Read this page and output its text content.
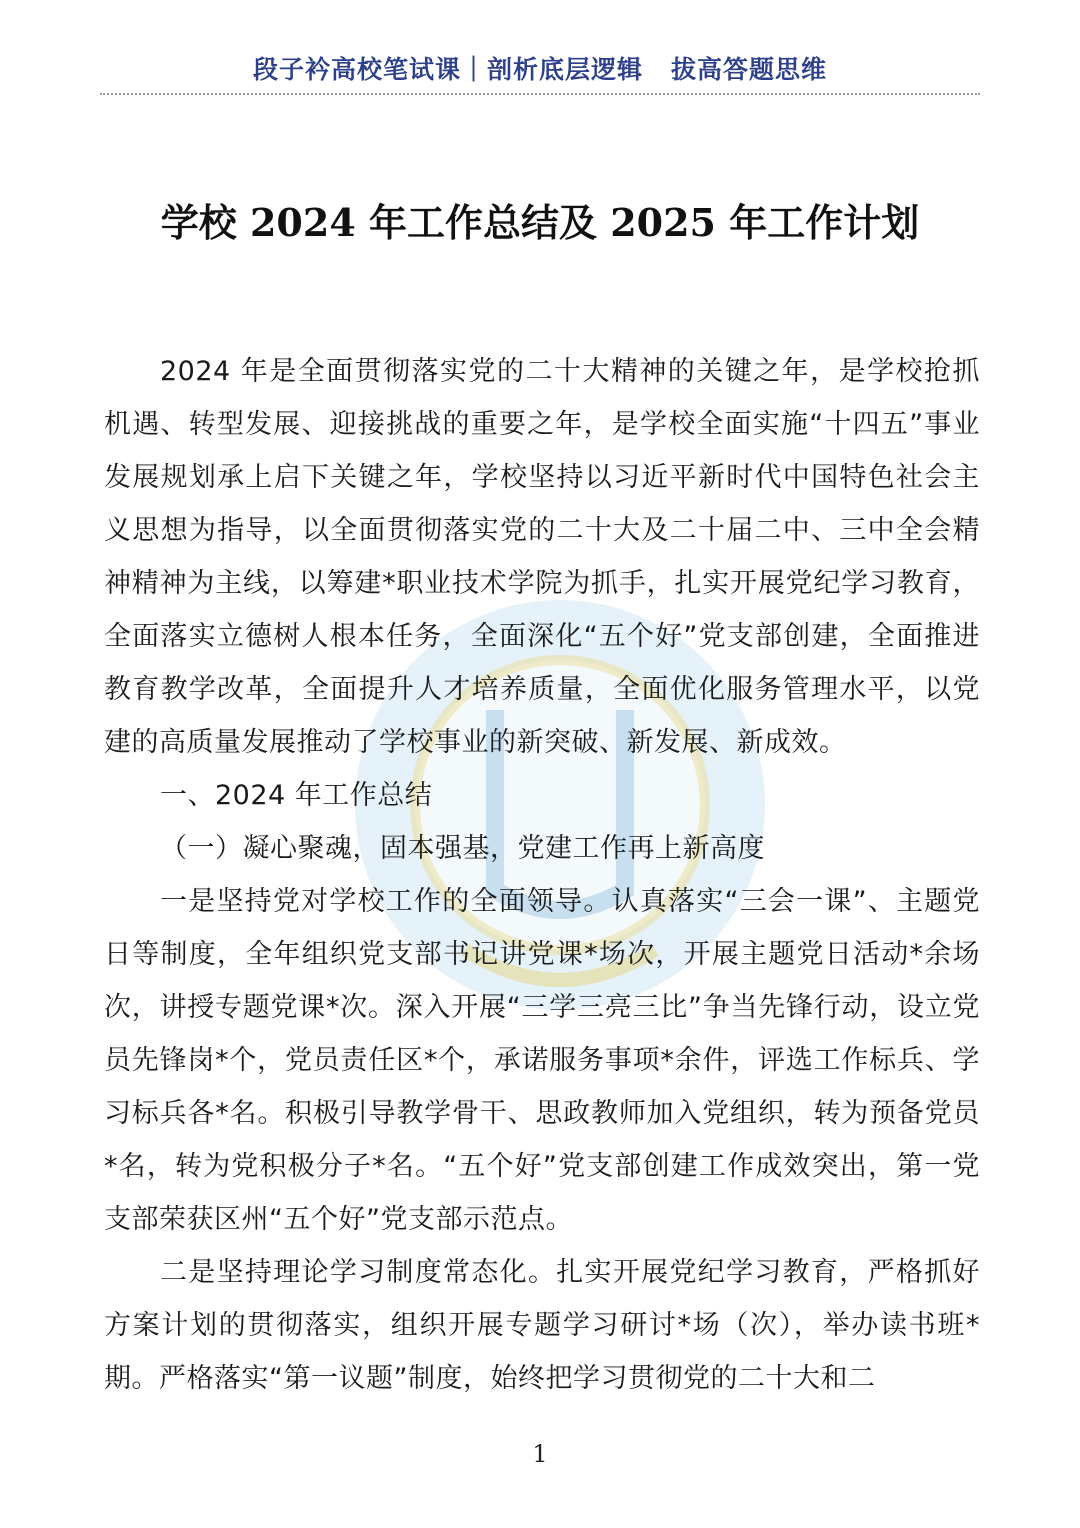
段子衿高校笔试课｜剖析底层逻辑 拔高答题思维
学校 2024 年工作总结及 2025 年工作计划

2024 年是全面贯彻落实党的二十大精神的关键之年，是学校抢抓机遇、转型发展、迎接挑战的重要之年，是学校全面实施“十四五”事业发展规划承上启下关键之年，学校坚持以习近平新时代中国特色社会主义思想为指导，以全面贯彻落实党的二十大及二十届二中、三中全会精神精神为主线，以筹建*职业技术学院为抓手，扎实开展党纪学习教育，全面落实立德树人根本任务，全面深化“五个好”党支部创建，全面推进教育教学改革，全面提升人才培养质量，全面优化服务管理水平，以党建的高质量发展推动了学校事业的新突破、新发展、新成效。

一、2024 年工作总结

（一）凝心聚魂，固本强基，党建工作再上新高度

一是坚持党对学校工作的全面领导。认真落实“三会一课”、主题党日等制度，全年组织党支部书记讲党课*场次，开展主题党日活动*余场次，讲授专题党课*次。深入开展“三学三亮三比”争当先锋行动，设立党员先锋岗*个，党员责任区*个，承诺服务事项*余件，评选工作标兵、学习标兵各*名。积极引导教学骨干、思政教师加入党组织，转为预备党员*名，转为党积极分子*名。“五个好”党支部创建工作成效突出，第一党支部荣获区州“五个好”党支部示范点。

二是坚持理论学习制度常态化。扎实开展党纪学习教育，严格抓好方案计划的贯彻落实，组织开展专题学习研讨*场（次），举办读书班*期。严格落实“第一议题”制度，始终把学习贯彻党的二十大和二

1
